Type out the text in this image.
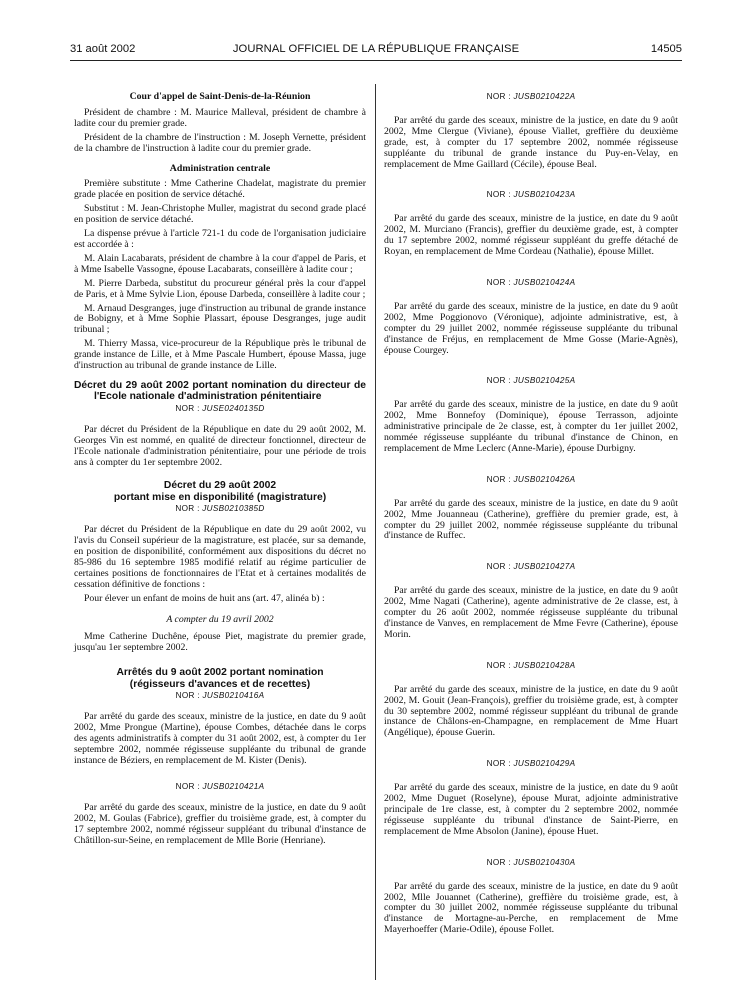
31 août 2002	JOURNAL OFFICIEL DE LA RÉPUBLIQUE FRANÇAISE	14505
Cour d'appel de Saint-Denis-de-la-Réunion

Président de chambre : M. Maurice Malleval, président de chambre à ladite cour du premier grade.

Président de la chambre de l'instruction : M. Joseph Vernette, président de la chambre de l'instruction à ladite cour du premier grade.

Administration centrale

Première substitute : Mme Catherine Chadelat, magistrate du premier grade placée en position de service détaché.

Substitut : M. Jean-Christophe Muller, magistrat du second grade placé en position de service détaché.

La dispense prévue à l'article 721-1 du code de l'organisation judiciaire est accordée à :

M. Alain Lacabarats, président de chambre à la cour d'appel de Paris, et à Mme Isabelle Vassogne, épouse Lacabarats, conseillère à ladite cour ;

M. Pierre Darbeda, substitut du procureur général près la cour d'appel de Paris, et à Mme Sylvie Lion, épouse Darbeda, conseillère à ladite cour ;

M. Arnaud Desgranges, juge d'instruction au tribunal de grande instance de Bobigny, et à Mme Sophie Plassart, épouse Desgranges, juge audit tribunal ;

M. Thierry Massa, vice-procureur de la République près le tribunal de grande instance de Lille, et à Mme Pascale Humbert, épouse Massa, juge d'instruction au tribunal de grande instance de Lille.

Décret du 29 août 2002 portant nomination du directeur de l'Ecole nationale d'administration pénitentiaire
NOR : JUSE0240135D

Par décret du Président de la République en date du 29 août 2002, M. Georges Vin est nommé, en qualité de directeur fonctionnel, directeur de l'Ecole nationale d'administration pénitentiaire, pour une période de trois ans à compter du 1er septembre 2002.

Décret du 29 août 2002
portant mise en disponibilité (magistrature)
NOR : JUSB0210385D

Par décret du Président de la République en date du 29 août 2002, vu l'avis du Conseil supérieur de la magistrature, est placée, sur sa demande, en position de disponibilité, conformément aux dispositions du décret no 85-986 du 16 septembre 1985 modifié relatif au régime particulier de certaines positions de fonctionnaires de l'Etat et à certaines modalités de cessation définitive de fonctions :

Pour élever un enfant de moins de huit ans (art. 47, alinéa b) :

A compter du 19 avril 2002

Mme Catherine Duchêne, épouse Piet, magistrate du premier grade, jusqu'au 1er septembre 2002.

Arrêtés du 9 août 2002 portant nomination
(régisseurs d'avances et de recettes)
NOR : JUSB0210416A

Par arrêté du garde des sceaux, ministre de la justice, en date du 9 août 2002, Mme Prongue (Martine), épouse Combes, détachée dans le corps des agents administratifs à compter du 31 août 2002, est, à compter du 1er septembre 2002, nommée régisseuse suppléante du tribunal de grande instance de Béziers, en remplacement de M. Kister (Denis).

NOR : JUSB0210421A

Par arrêté du garde des sceaux, ministre de la justice, en date du 9 août 2002, M. Goulas (Fabrice), greffier du troisième grade, est, à compter du 17 septembre 2002, nommé régisseur suppléant du tribunal d'instance de Châtillon-sur-Seine, en remplacement de Mlle Borie (Henriane).

NOR : JUSB0210422A

Par arrêté du garde des sceaux, ministre de la justice, en date du 9 août 2002, Mme Clergue (Viviane), épouse Viallet, greffière du deuxième grade, est, à compter du 17 septembre 2002, nommée régisseuse suppléante du tribunal de grande instance du Puy-en-Velay, en remplacement de Mme Gaillard (Cécile), épouse Beal.

NOR : JUSB0210423A

Par arrêté du garde des sceaux, ministre de la justice, en date du 9 août 2002, M. Murciano (Francis), greffier du deuxième grade, est, à compter du 17 septembre 2002, nommé régisseur suppléant du greffe détaché de Royan, en remplacement de Mme Cordeau (Nathalie), épouse Millet.

NOR : JUSB0210424A

Par arrêté du garde des sceaux, ministre de la justice, en date du 9 août 2002, Mme Poggionovo (Véronique), adjointe administrative, est, à compter du 29 juillet 2002, nommée régisseuse suppléante du tribunal d'instance de Fréjus, en remplacement de Mme Gosse (Marie-Agnès), épouse Courgey.

NOR : JUSB0210425A

Par arrêté du garde des sceaux, ministre de la justice, en date du 9 août 2002, Mme Bonnefoy (Dominique), épouse Terrasson, adjointe administrative principale de 2e classe, est, à compter du 1er juillet 2002, nommée régisseuse suppléante du tribunal d'instance de Chinon, en remplacement de Mme Leclerc (Anne-Marie), épouse Durbigny.

NOR : JUSB0210426A

Par arrêté du garde des sceaux, ministre de la justice, en date du 9 août 2002, Mme Jouanneau (Catherine), greffière du premier grade, est, à compter du 29 juillet 2002, nommée régisseuse suppléante du tribunal d'instance de Ruffec.

NOR : JUSB0210427A

Par arrêté du garde des sceaux, ministre de la justice, en date du 9 août 2002, Mme Nagati (Catherine), agente administrative de 2e classe, est, à compter du 26 août 2002, nommée régisseuse suppléante du tribunal d'instance de Vanves, en remplacement de Mme Fevre (Catherine), épouse Morin.

NOR : JUSB0210428A

Par arrêté du garde des sceaux, ministre de la justice, en date du 9 août 2002, M. Gouit (Jean-François), greffier du troisième grade, est, à compter du 30 septembre 2002, nommé régisseur suppléant du tribunal de grande instance de Châlons-en-Champagne, en remplacement de Mme Huart (Angélique), épouse Guerin.

NOR : JUSB0210429A

Par arrêté du garde des sceaux, ministre de la justice, en date du 9 août 2002, Mme Duguet (Roselyne), épouse Murat, adjointe administrative principale de 1re classe, est, à compter du 2 septembre 2002, nommée régisseuse suppléante du tribunal d'instance de Saint-Pierre, en remplacement de Mme Absolon (Janine), épouse Huet.

NOR : JUSB0210430A

Par arrêté du garde des sceaux, ministre de la justice, en date du 9 août 2002, Mlle Jouannet (Catherine), greffière du troisième grade, est, à compter du 30 juillet 2002, nommée régisseuse suppléante du tribunal d'instance de Mortagne-au-Perche, en remplacement de Mme Mayerhoeffer (Marie-Odile), épouse Follet.
